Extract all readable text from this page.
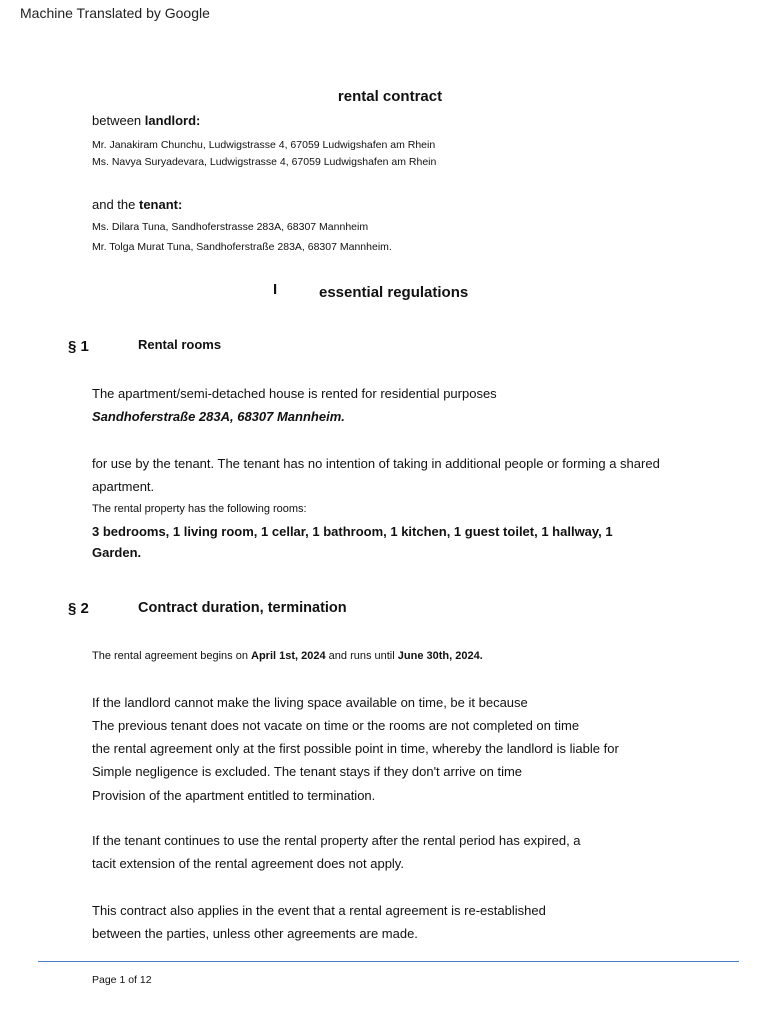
Machine Translated by Google
rental contract
between landlord:
Mr. Janakiram Chunchu, Ludwigstrasse 4, 67059 Ludwigshafen am Rhein
Ms. Navya Suryadevara, Ludwigstrasse 4, 67059 Ludwigshafen am Rhein
and the tenant:
Ms. Dilara Tuna, Sandhoferstrasse 283A, 68307 Mannheim
Mr. Tolga Murat Tuna, Sandhoferstraße 283A, 68307 Mannheim.
I	essential regulations
§ 1	Rental rooms
The apartment/semi-detached house is rented for residential purposes
Sandhoferstraße 283A, 68307 Mannheim.
for use by the tenant. The tenant has no intention of taking in additional people or forming a shared
apartment.
The rental property has the following rooms:
3 bedrooms, 1 living room, 1 cellar, 1 bathroom, 1 kitchen, 1 guest toilet, 1 hallway, 1
Garden.
§ 2	Contract duration, termination
The rental agreement begins on April 1st, 2024 and runs until June 30th, 2024.
If the landlord cannot make the living space available on time, be it because
The previous tenant does not vacate on time or the rooms are not completed on time
the rental agreement only at the first possible point in time, whereby the landlord is liable for
Simple negligence is excluded. The tenant stays if they don't arrive on time
Provision of the apartment entitled to termination.
If the tenant continues to use the rental property after the rental period has expired, a
tacit extension of the rental agreement does not apply.
This contract also applies in the event that a rental agreement is re-established
between the parties, unless other agreements are made.
Page 1 of 12
